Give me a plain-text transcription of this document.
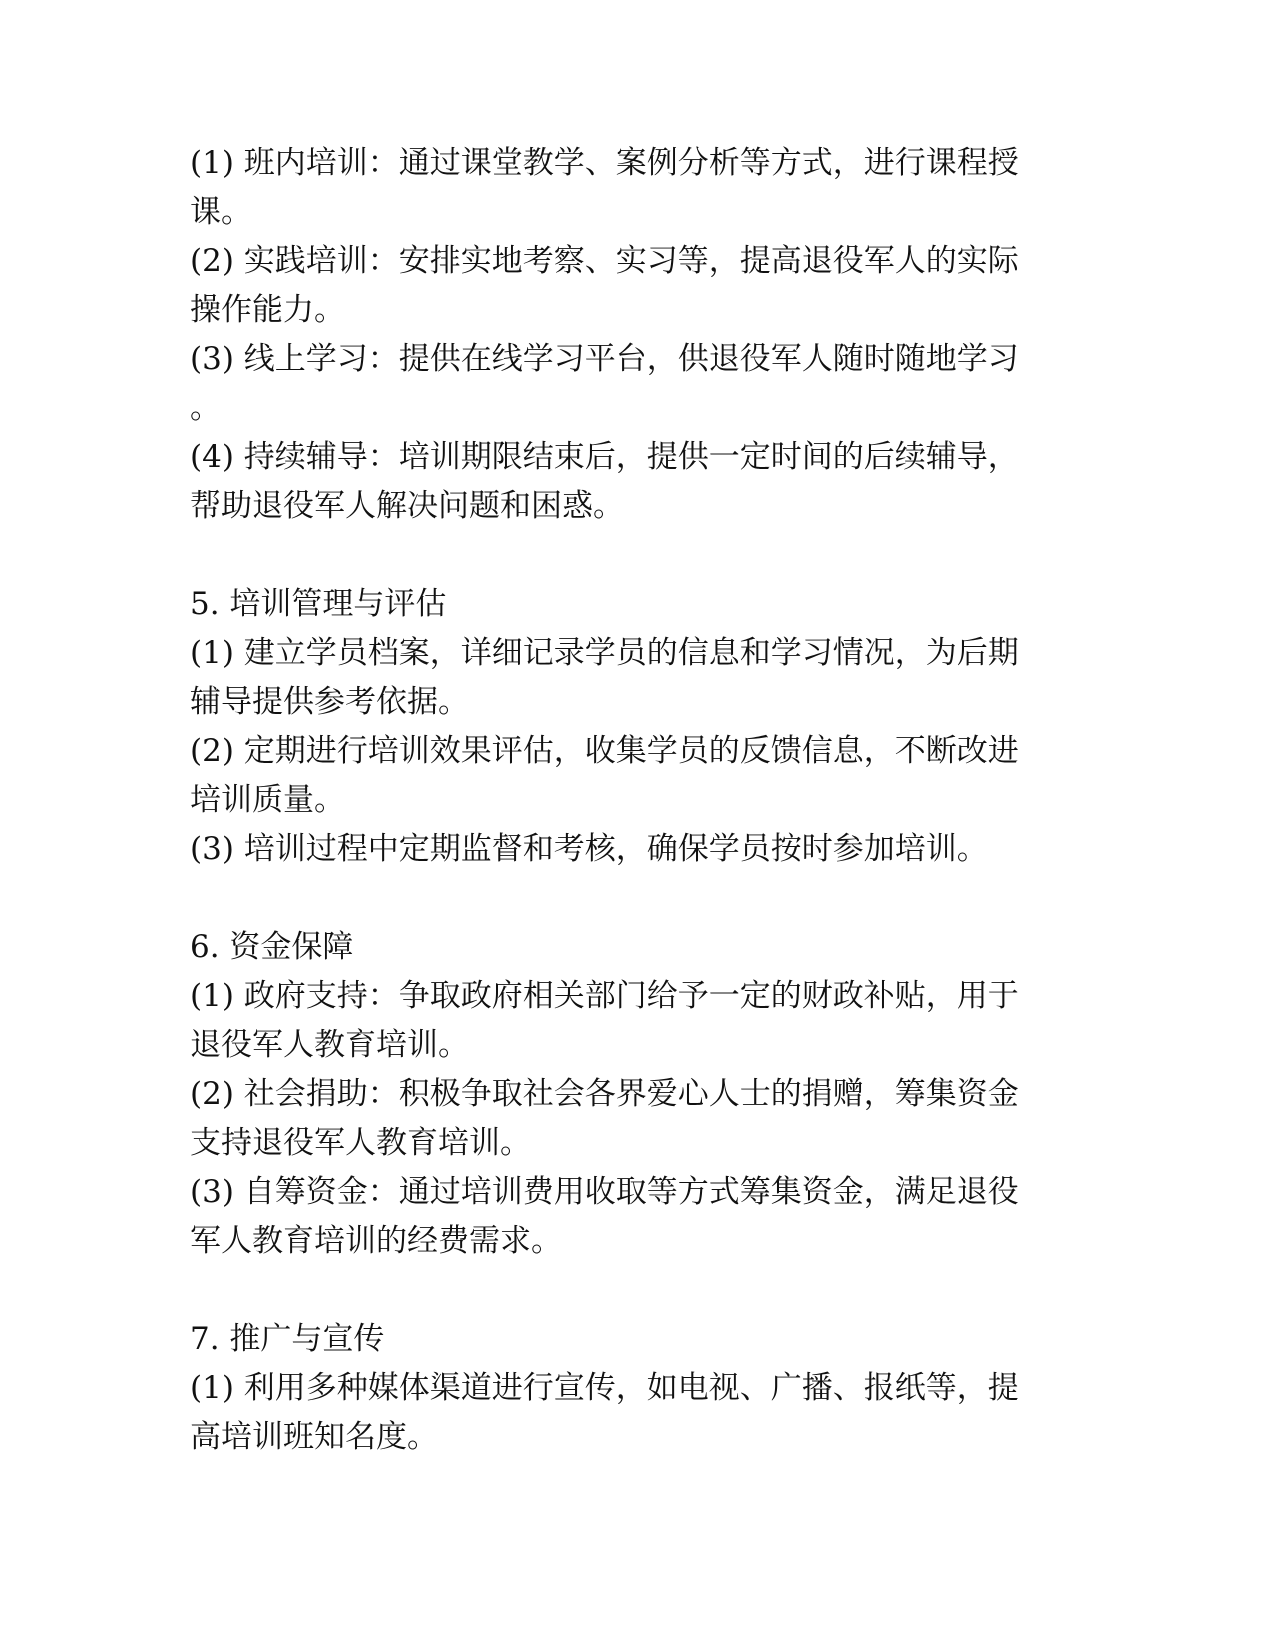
(1) 班内培训：通过课堂教学、案例分析等方式，进行课程授

课。

(2) 实践培训：安排实地考察、实习等，提高退役军人的实际

操作能力。

(3) 线上学习：提供在线学习平台，供退役军人随时随地学习

。

(4) 持续辅导：培训期限结束后，提供一定时间的后续辅导，

帮助退役军人解决问题和困惑。

5. 培训管理与评估

(1) 建立学员档案，详细记录学员的信息和学习情况，为后期

辅导提供参考依据。

(2) 定期进行培训效果评估，收集学员的反馈信息，不断改进

培训质量。

(3) 培训过程中定期监督和考核，确保学员按时参加培训。

6. 资金保障

(1) 政府支持：争取政府相关部门给予一定的财政补贴，用于

退役军人教育培训。

(2) 社会捐助：积极争取社会各界爱心人士的捐赠，筹集资金

支持退役军人教育培训。

(3) 自筹资金：通过培训费用收取等方式筹集资金，满足退役

军人教育培训的经费需求。

7. 推广与宣传

(1) 利用多种媒体渠道进行宣传，如电视、广播、报纸等，提

高培训班知名度。
